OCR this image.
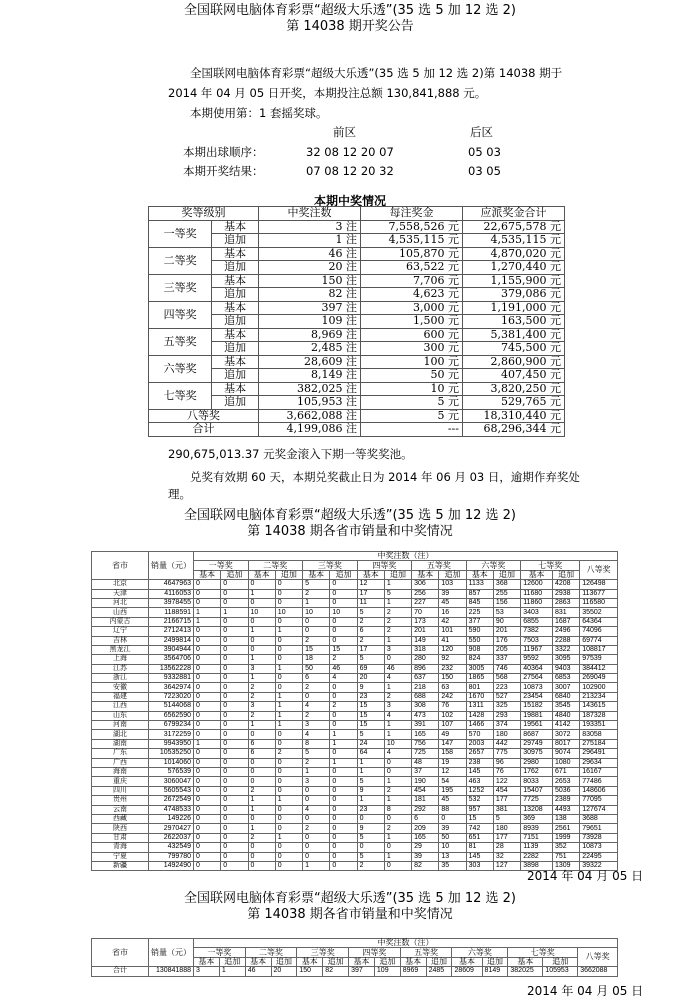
全国联网电脑体育彩票“超级大乐透”(35 选 5 加 12 选 2)
第 14038 期开奖公告
全国联网电脑体育彩票“超级大乐透”(35 选 5 加 12 选 2)第 14038 期于
2014 年 04 月 05 日开奖，本期投注总额 130,841,888 元。
本期使用第：1 套摇奖球。
前区	后区
本期出球顺序：	32 08 12 20 07	05 03
本期开奖结果：	07 08 12 20 32	03 05
本期中奖情况
奖等级别		中奖注数	每注奖金	应派奖金合计
一等奖	基本	3 注	7,558,526 元	22,675,578 元
	追加	1 注	4,535,115 元	4,535,115 元
二等奖	基本	46 注	105,870 元	4,870,020 元
	追加	20 注	63,522 元	1,270,440 元
三等奖	基本	150 注	7,706 元	1,155,900 元
	追加	82 注	4,623 元	379,086 元
四等奖	基本	397 注	3,000 元	1,191,000 元
	追加	109 注	1,500 元	163,500 元
五等奖	基本	8,969 注	600 元	5,381,400 元
	追加	2,485 注	300 元	745,500 元
六等奖	基本	28,609 注	100 元	2,860,900 元
	追加	8,149 注	50 元	407,450 元
七等奖	基本	382,025 注	10 元	3,820,250 元
	追加	105,953 注	5 元	529,765 元
八等奖		3,662,088 注	5 元	18,310,440 元
合计		4,199,086 注	---	68,296,344 元
290,675,013.37 元奖金滚入下期一等奖奖池。
兑奖有效期 60 天，本期兑奖截止日为 2014 年 06 月 03 日，逾期作弃奖处
理。
全国联网电脑体育彩票“超级大乐透”(35 选 5 加 12 选 2)
第 14038 期各省市销量和中奖情况
省市	销量（元）	中奖注数（注）														
		一等奖		二等奖		三等奖		四等奖		五等奖		六等奖		七等奖		八等奖
		基本	追加	基本	追加	基本	追加	基本	追加	基本	追加	基本	追加	基本	追加	
北京	4647963	0	0	0	0	5	0	12	1	306	103	1133	368	12600	4208	126498
天津	4116053	0	0	1	0	2	0	17	5	256	39	857	255	11680	2938	113677
河北	3978455	0	0	0	0	1	0	11	1	227	45	845	156	11860	2863	116580
山西	1188591	1	1	10	10	10	10	5	2	70	16	225	53	3403	831	35502
内蒙古	2166715	1	0	0	0	0	0	2	2	173	42	377	90	6855	1687	64364
辽宁	2712413	0	0	1	1	0	0	6	2	201	101	590	201	7382	2496	74096
吉林	2499814	0	0	0	0	2	0	2	1	149	41	550	176	7503	2288	69774
黑龙江	3904944	0	0	0	0	15	15	17	3	318	120	908	205	11967	3322	108817
上海	3564706	0	0	1	0	18	2	5	0	280	92	824	337	9592	3095	97539
江苏	13562228	0	0	3	1	50	46	69	46	896	232	3005	746	40364	9403	384412
浙江	9332881	0	0	1	0	6	4	20	4	637	150	1865	568	27564	6853	269049
安徽	3642974	0	0	2	0	2	0	9	1	218	63	801	223	10873	3007	102900
福建	7223020	0	0	2	1	0	0	23	2	688	242	1670	527	23454	6840	213234
江西	5144068	0	0	3	1	4	2	15	3	308	76	1311	325	15182	3545	143615
山东	6562590	0	0	2	1	2	0	15	4	473	102	1428	293	19881	4840	187328
河南	6799234	0	0	1	1	3	0	15	1	391	107	1466	374	19561	4142	193351
湖北	3172259	0	0	0	0	4	1	5	1	165	49	570	180	8687	3072	83058
湖南	9943950	1	0	6	0	8	1	24	10	756	147	2003	442	29749	8017	275184
广东	10535250	0	0	6	2	5	0	64	4	725	158	2657	775	30975	9074	296491
广西	1014060	0	0	0	0	2	1	1	0	48	19	238	96	2980	1080	29634
海南	576539	0	0	0	0	1	0	1	0	37	12	145	76	1762	671	16167
重庆	3060047	0	0	0	0	3	0	5	1	190	54	463	122	8033	2653	77486
四川	5605543	0	0	2	0	0	0	9	2	454	195	1252	454	15407	5036	148606
贵州	2672549	0	0	1	1	0	0	1	1	181	45	532	177	7725	2389	77095
云南	4748533	0	0	1	0	4	0	23	8	292	88	957	381	13208	4493	127674
西藏	149226	0	0	0	0	0	0	0	0	6	0	15	5	369	138	3688
陕西	2970427	0	0	1	0	2	0	9	2	209	39	742	180	8939	2561	79651
甘肃	2622037	0	0	2	1	0	0	5	1	165	50	651	177	7151	1999	73928
青海	432549	0	0	0	0	0	0	0	0	29	10	81	28	1139	352	10873
宁夏	799780	0	0	0	0	0	0	5	1	39	13	145	32	2282	751	22495
新疆	1492490	0	0	0	0	1	0	2	0	82	35	303	127	3898	1309	39322
2014 年 04 月 05 日
全国联网电脑体育彩票“超级大乐透”(35 选 5 加 12 选 2)
第 14038 期各省市销量和中奖情况
省市	销量（元）	中奖注数（注）														
		一等奖		二等奖		三等奖		四等奖		五等奖		六等奖		七等奖		八等奖
		基本	追加	基本	追加	基本	追加	基本	追加	基本	追加	基本	追加	基本	追加	
合计	130841888	3	1	46	20	150	82	397	109	8969	2485	28609	8149	382025	105953	3662088
2014 年 04 月 05 日
